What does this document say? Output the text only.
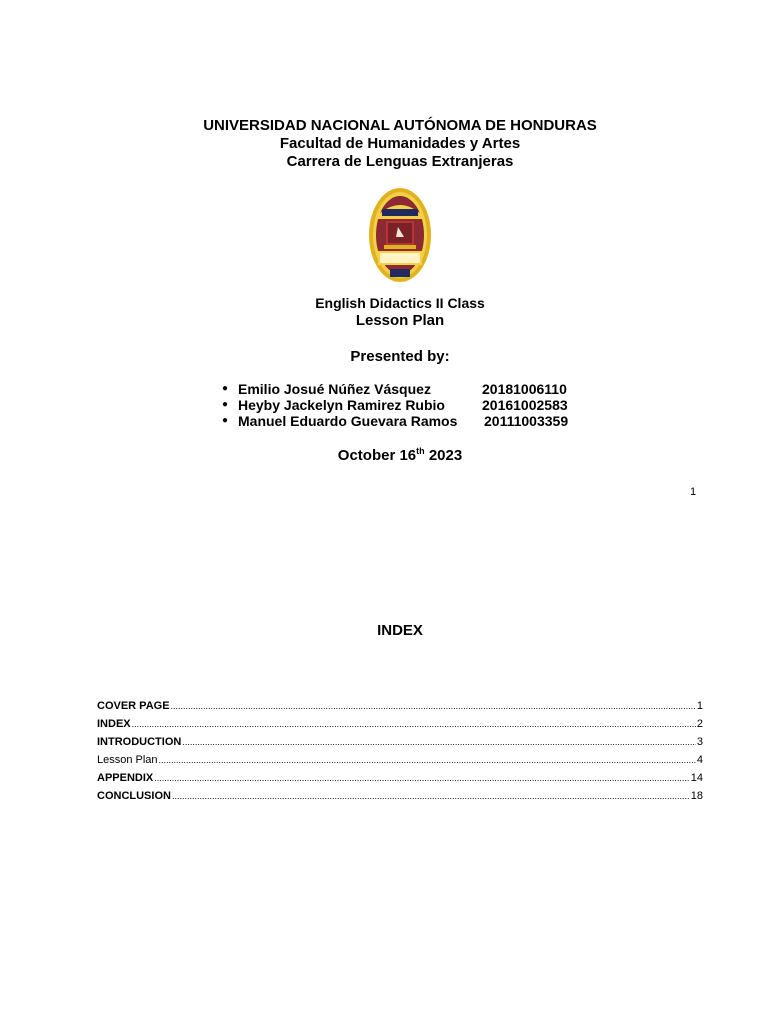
UNIVERSIDAD NACIONAL AUTÓNOMA DE HONDURAS
Facultad de Humanidades y Artes
Carrera de Lenguas Extranjeras
English Didactics II Class
Lesson Plan
Presented by:
● Emilio Josué Núñez Vásquez	20181006110
● Heyby Jackelyn Ramirez Rubio	20161002583
● Manuel Eduardo Guevara Ramos 20111003359
October 16th 2023
1
INDEX
COVER PAGE .....	1
INDEX .....	2
INTRODUCTION .....	3
Lesson Plan .....	4
APPENDIX .....	14
CONCLUSION .....	18
